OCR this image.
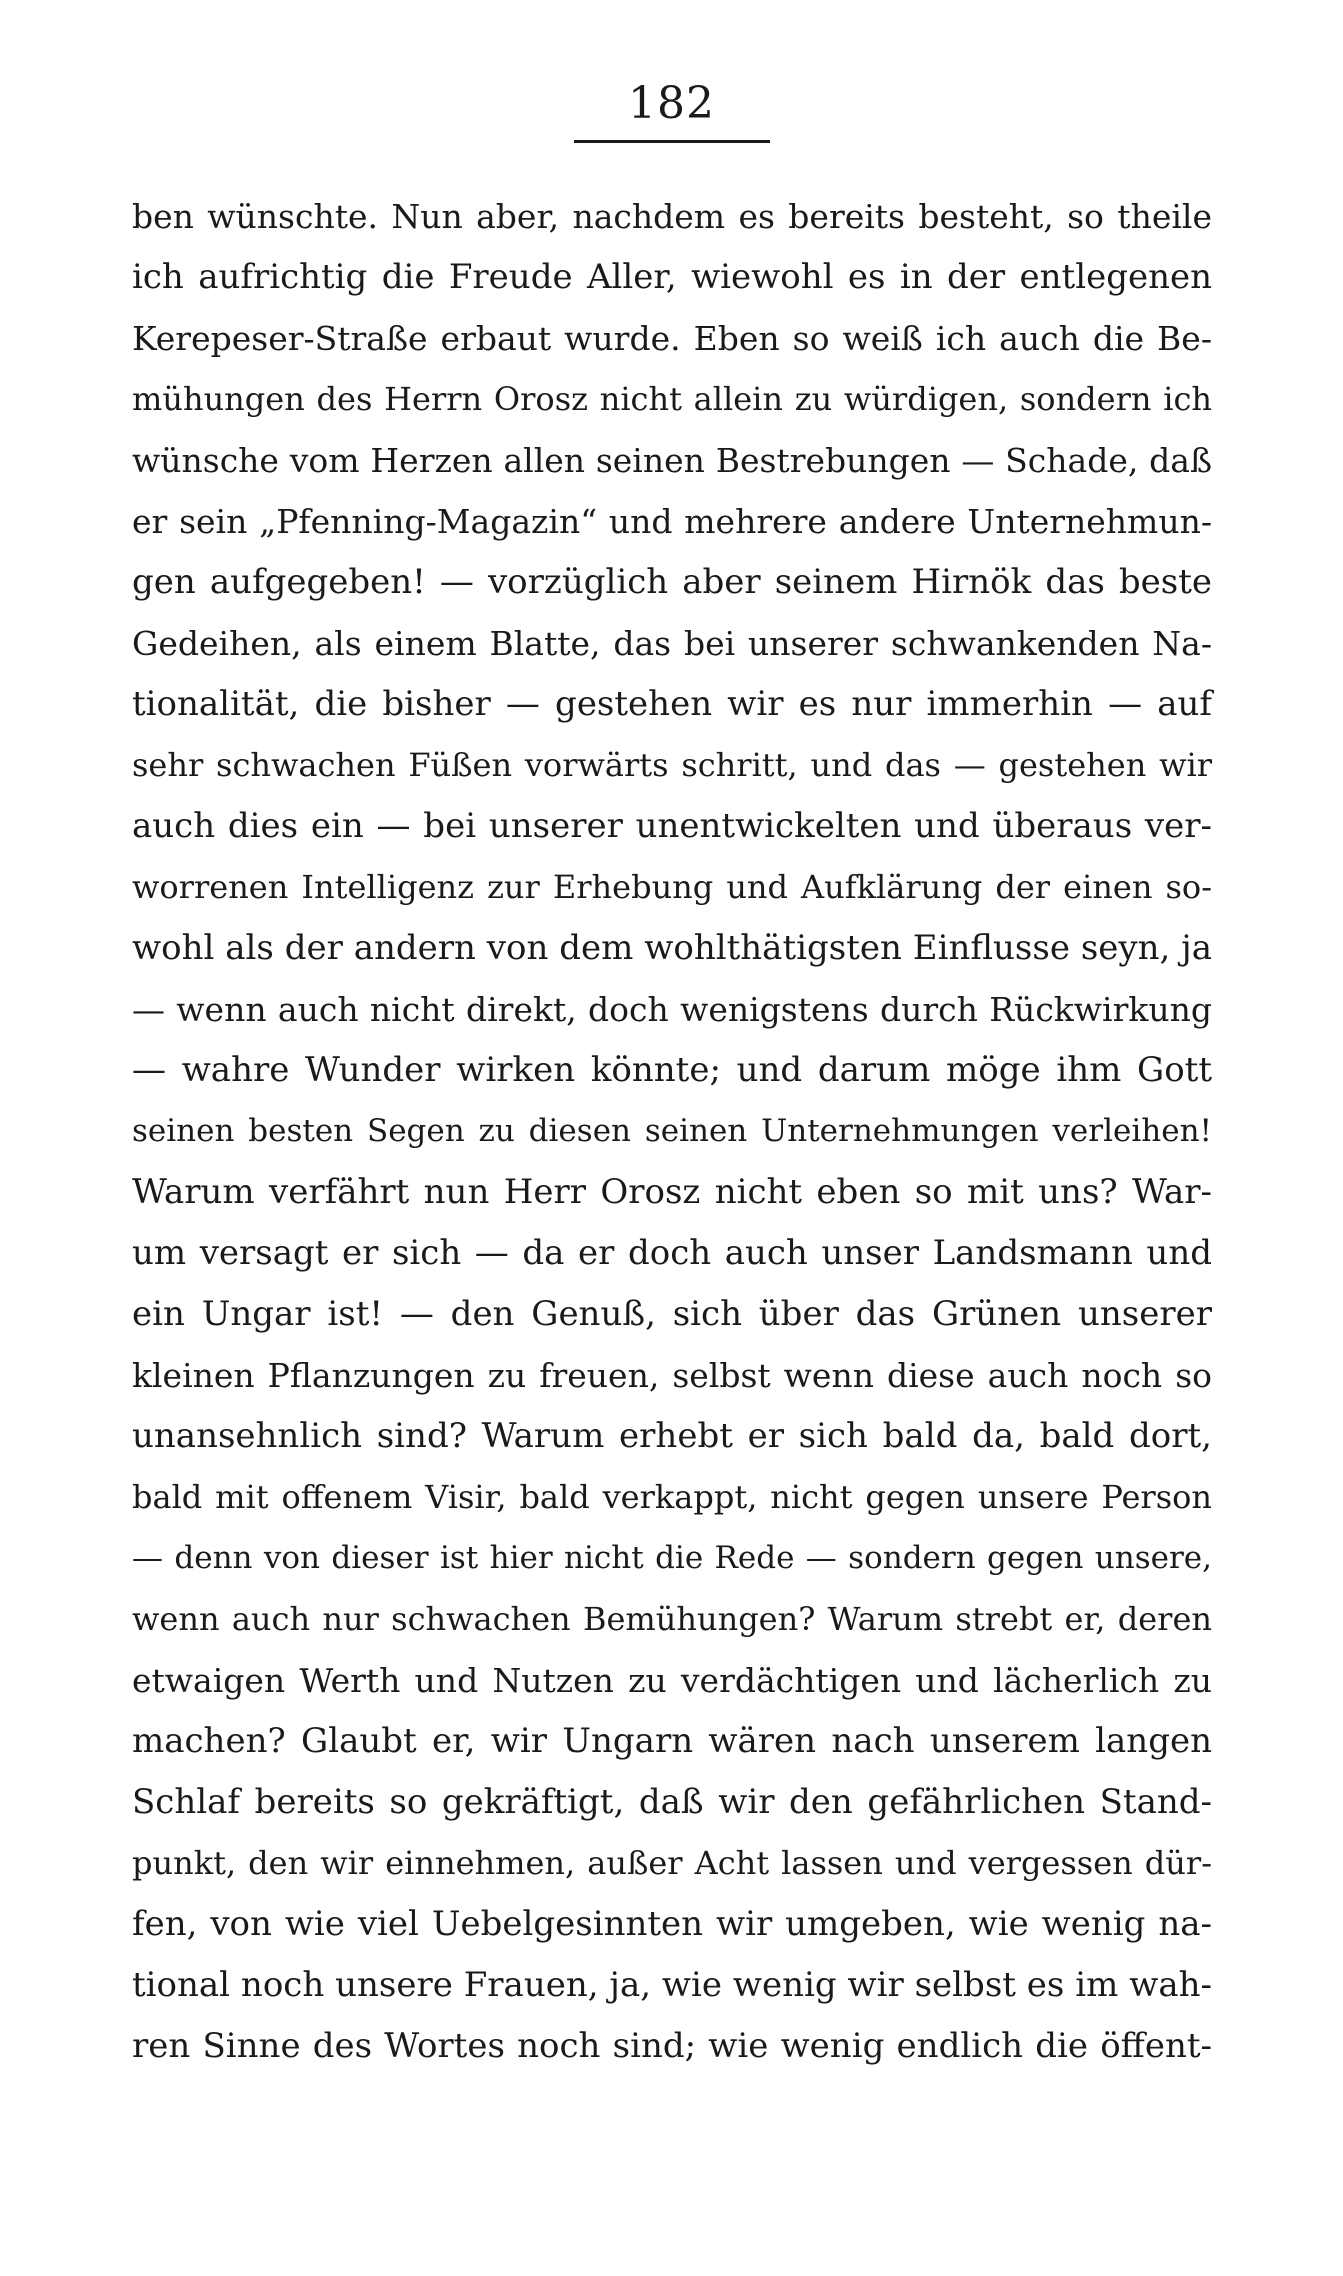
182
ben wünschte. Nun aber, nachdem es bereits besteht, so theile
ich aufrichtig die Freude Aller, wiewohl es in der entlegenen
Kerepeser-Straße erbaut wurde. Eben so weiß ich auch die Be-
mühungen des Herrn Orosz nicht allein zu würdigen, sondern ich
wünsche vom Herzen allen seinen Bestrebungen — Schade, daß
er sein „Pfenning-Magazin“ und mehrere andere Unternehmun-
gen aufgegeben! — vorzüglich aber seinem Hirnök das beste
Gedeihen, als einem Blatte, das bei unserer schwankenden Na-
tionalität, die bisher — gestehen wir es nur immerhin — auf
sehr schwachen Füßen vorwärts schritt, und das — gestehen wir
auch dies ein — bei unserer unentwickelten und überaus ver-
worrenen Intelligenz zur Erhebung und Aufklärung der einen so-
wohl als der andern von dem wohlthätigsten Einflusse seyn, ja
— wenn auch nicht direkt, doch wenigstens durch Rückwirkung
— wahre Wunder wirken könnte; und darum möge ihm Gott
seinen besten Segen zu diesen seinen Unternehmungen verleihen!
Warum verfährt nun Herr Orosz nicht eben so mit uns? War-
um versagt er sich — da er doch auch unser Landsmann und
ein Ungar ist! — den Genuß, sich über das Grünen unserer
kleinen Pflanzungen zu freuen, selbst wenn diese auch noch so
unansehnlich sind? Warum erhebt er sich bald da, bald dort,
bald mit offenem Visir, bald verkappt, nicht gegen unsere Person
— denn von dieser ist hier nicht die Rede — sondern gegen unsere,
wenn auch nur schwachen Bemühungen? Warum strebt er, deren
etwaigen Werth und Nutzen zu verdächtigen und lächerlich zu
machen? Glaubt er, wir Ungarn wären nach unserem langen
Schlaf bereits so gekräftigt, daß wir den gefährlichen Stand-
punkt, den wir einnehmen, außer Acht lassen und vergessen dür-
fen, von wie viel Uebelgesinnten wir umgeben, wie wenig na-
tional noch unsere Frauen, ja, wie wenig wir selbst es im wah-
ren Sinne des Wortes noch sind; wie wenig endlich die öffent-
